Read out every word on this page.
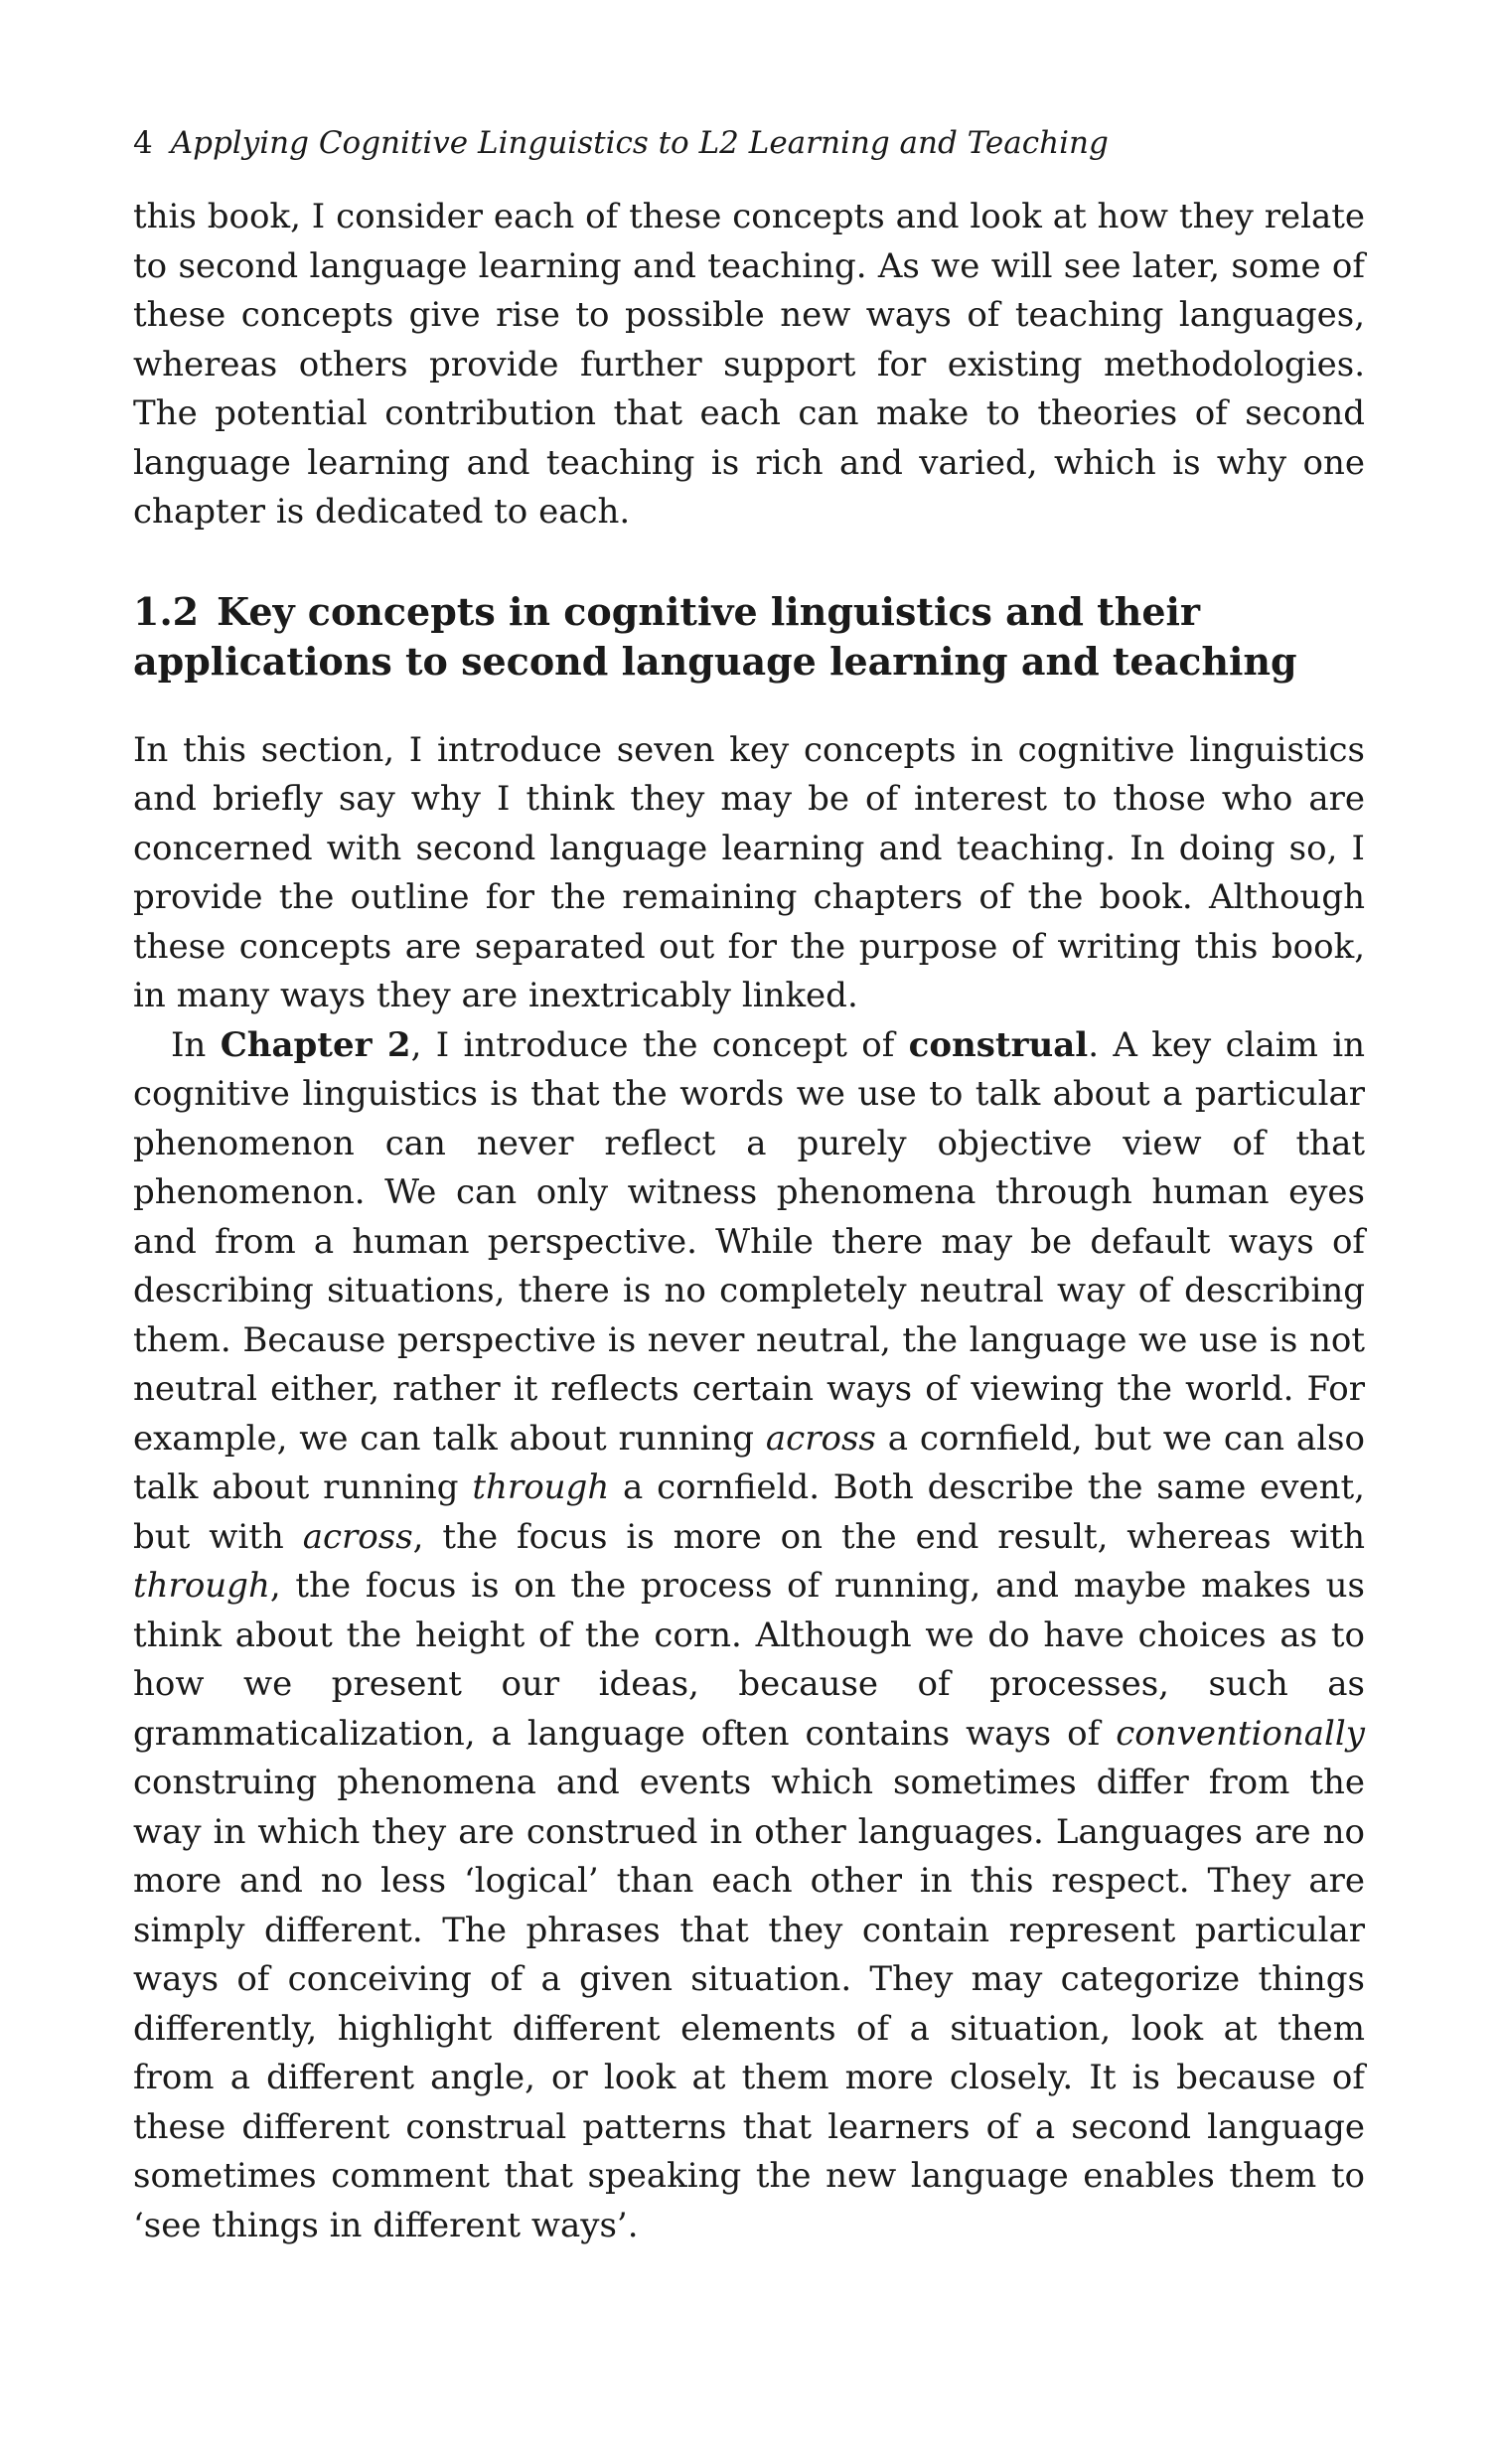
4 Applying Cognitive Linguistics to L2 Learning and Teaching

this book, I consider each of these concepts and look at how they relate to second language learning and teaching. As we will see later, some of these concepts give rise to possible new ways of teaching languages, whereas others provide further support for existing methodologies. The potential contribution that each can make to theories of second language learning and teaching is rich and varied, which is why one chapter is dedicated to each.

1.2 Key concepts in cognitive linguistics and their applications to second language learning and teaching

In this section, I introduce seven key concepts in cognitive linguistics and briefly say why I think they may be of interest to those who are concerned with second language learning and teaching. In doing so, I provide the outline for the remaining chapters of the book. Although these concepts are separated out for the purpose of writing this book, in many ways they are inextricably linked.

In Chapter 2, I introduce the concept of construal. A key claim in cognitive linguistics is that the words we use to talk about a particular phenomenon can never reflect a purely objective view of that phenomenon. We can only witness phenomena through human eyes and from a human perspective. While there may be default ways of describing situations, there is no completely neutral way of describing them. Because perspective is never neutral, the language we use is not neutral either, rather it reflects certain ways of viewing the world. For example, we can talk about running across a cornfield, but we can also talk about running through a cornfield. Both describe the same event, but with across, the focus is more on the end result, whereas with through, the focus is on the process of running, and maybe makes us think about the height of the corn. Although we do have choices as to how we present our ideas, because of processes, such as grammaticalization, a language often contains ways of conventionally construing phenomena and events which sometimes differ from the way in which they are construed in other languages. Languages are no more and no less ‘logical’ than each other in this respect. They are simply different. The phrases that they contain represent particular ways of conceiving of a given situation. They may categorize things differently, highlight different elements of a situation, look at them from a different angle, or look at them more closely. It is because of these different construal patterns that learners of a second language sometimes comment that speaking the new language enables them to ‘see things in different ways’.
